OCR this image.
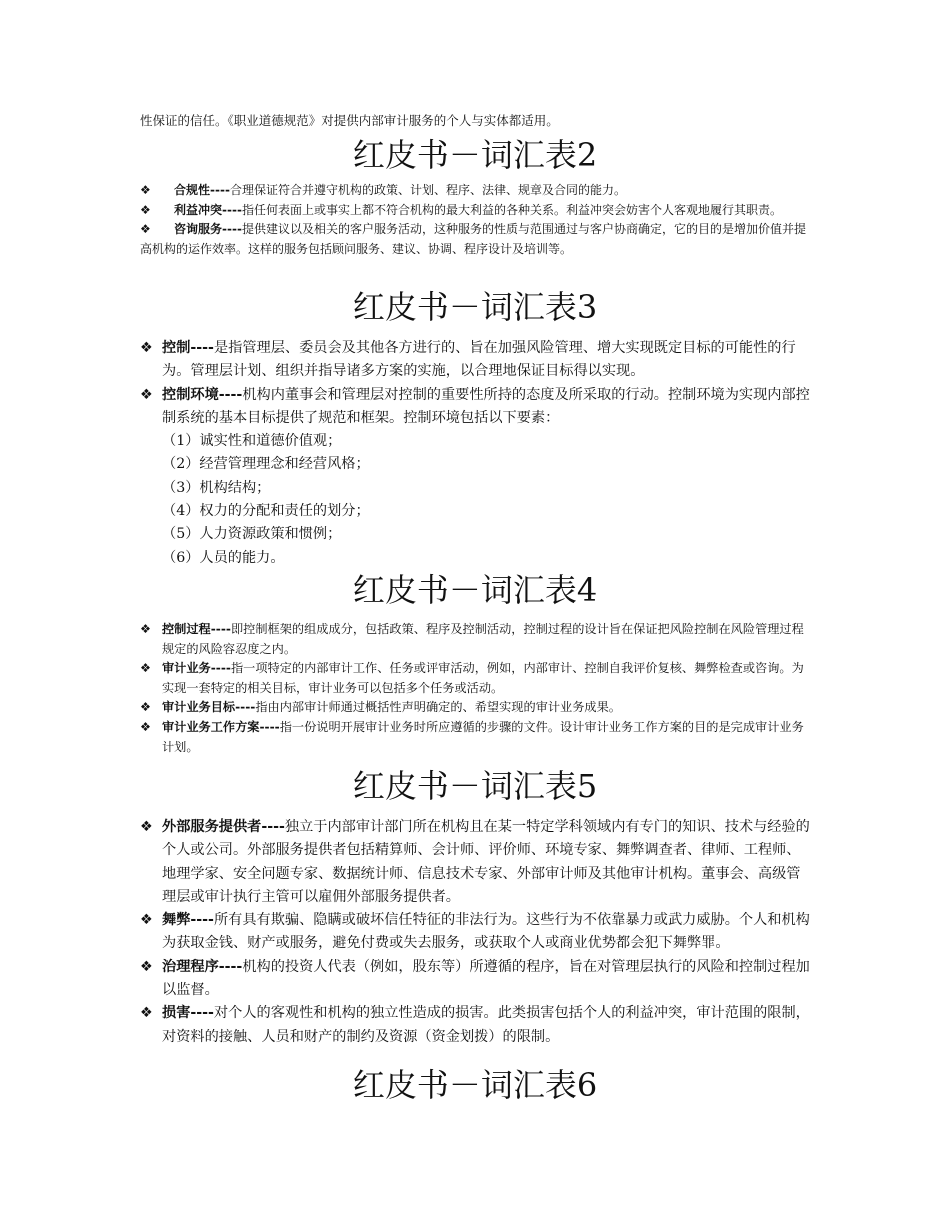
性保证的信任。《职业道德规范》对提供内部审计服务的个人与实体都适用。
红皮书－词汇表2
❖ 合规性----合理保证符合并遵守机构的政策、计划、程序、法律、规章及合同的能力。
❖ 利益冲突----指任何表面上或事实上都不符合机构的最大利益的各种关系。利益冲突会妨害个人客观地履行其职责。
❖ 咨询服务----提供建议以及相关的客户服务活动，这种服务的性质与范围通过与客户协商确定，它的目的是增加价值并提高机构的运作效率。这样的服务包括顾问服务、建议、协调、程序设计及培训等。
红皮书－词汇表3
❖ 控制----是指管理层、委员会及其他各方进行的、旨在加强风险管理、增大实现既定目标的可能性的行为。管理层计划、组织并指导诸多方案的实施，以合理地保证目标得以实现。
❖ 控制环境----机构内董事会和管理层对控制的重要性所持的态度及所采取的行动。控制环境为实现内部控制系统的基本目标提供了规范和框架。控制环境包括以下要素：
（1）诚实性和道德价值观；
（2）经营管理理念和经营风格；
（3）机构结构；
（4）权力的分配和责任的划分；
（5）人力资源政策和惯例；
（6）人员的能力。
红皮书－词汇表4
❖ 控制过程----即控制框架的组成成分，包括政策、程序及控制活动，控制过程的设计旨在保证把风险控制在风险管理过程规定的风险容忍度之内。
❖ 审计业务----指一项特定的内部审计工作、任务或评审活动，例如，内部审计、控制自我评价复核、舞弊检查或咨询。为实现一套特定的相关目标，审计业务可以包括多个任务或活动。
❖ 审计业务目标----指由内部审计师通过概括性声明确定的、希望实现的审计业务成果。
❖ 审计业务工作方案----指一份说明开展审计业务时所应遵循的步骤的文件。设计审计业务工作方案的目的是完成审计业务计划。
红皮书－词汇表5
❖ 外部服务提供者----独立于内部审计部门所在机构且在某一特定学科领域内有专门的知识、技术与经验的个人或公司。外部服务提供者包括精算师、会计师、评价师、环境专家、舞弊调查者、律师、工程师、地理学家、安全问题专家、数据统计师、信息技术专家、外部审计师及其他审计机构。董事会、高级管理层或审计执行主管可以雇佣外部服务提供者。
❖ 舞弊----所有具有欺骗、隐瞒或破坏信任特征的非法行为。这些行为不依靠暴力或武力威胁。个人和机构为获取金钱、财产或服务，避免付费或失去服务，或获取个人或商业优势都会犯下舞弊罪。
❖ 治理程序----机构的投资人代表（例如，股东等）所遵循的程序，旨在对管理层执行的风险和控制过程加以监督。
❖ 损害----对个人的客观性和机构的独立性造成的损害。此类损害包括个人的利益冲突，审计范围的限制，对资料的接触、人员和财产的制约及资源（资金划拨）的限制。
红皮书－词汇表6
